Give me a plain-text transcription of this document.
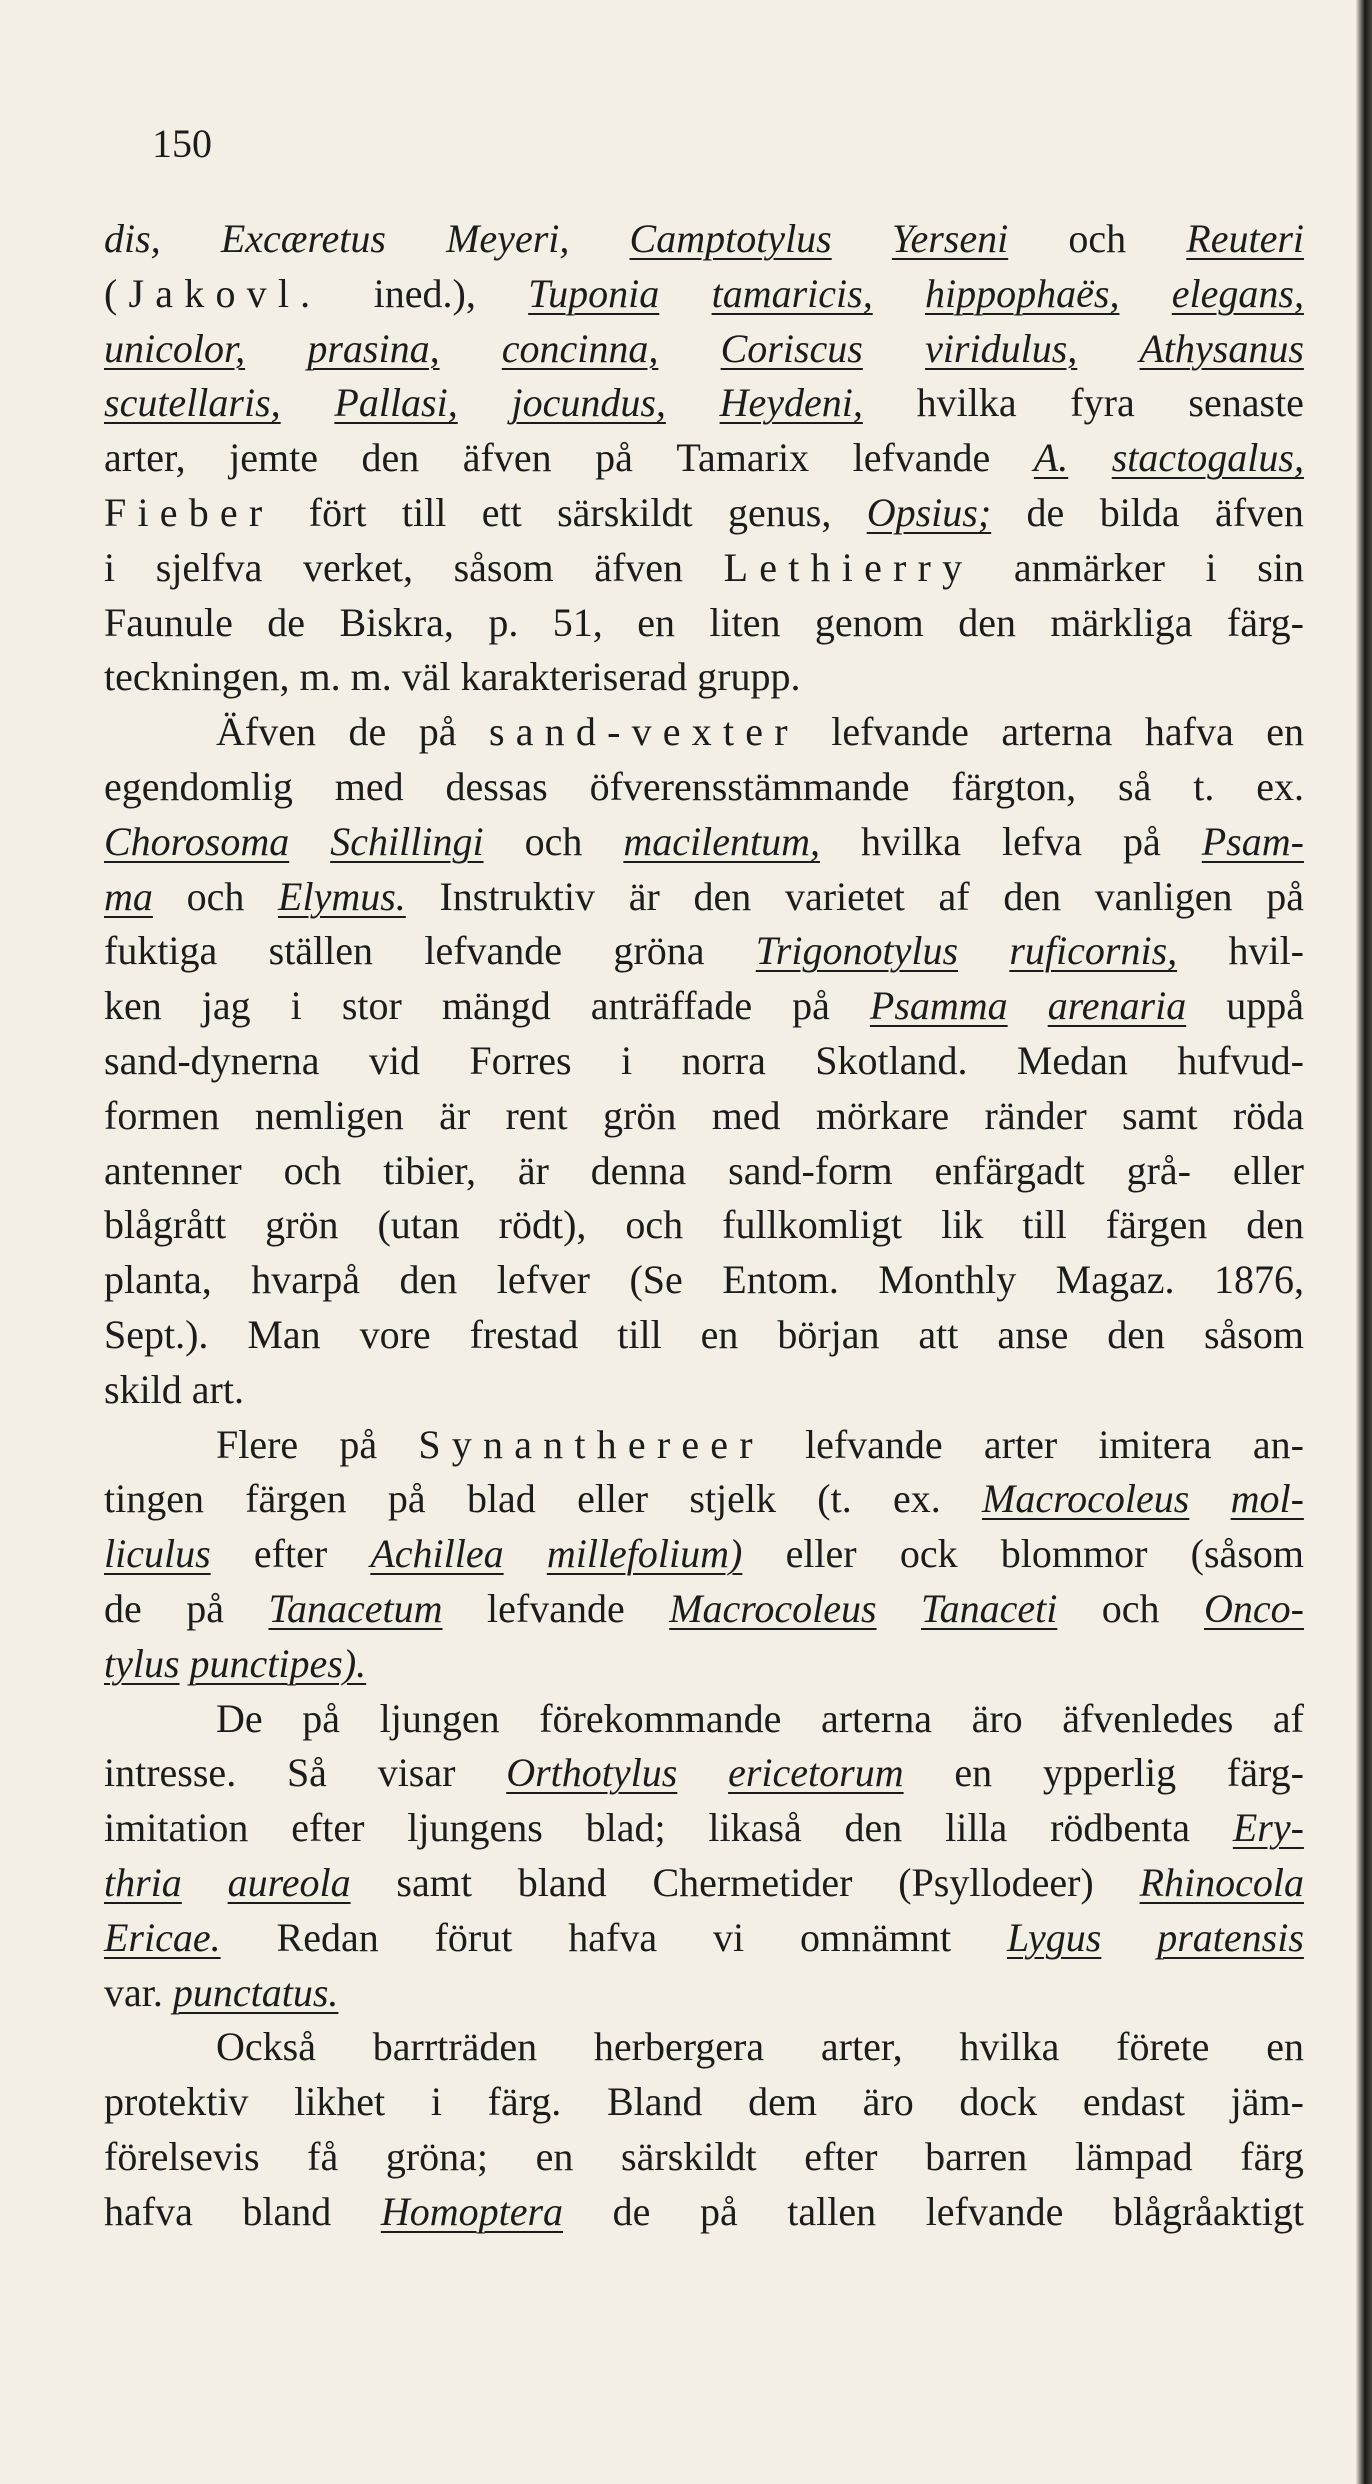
150
dis, Excæretus Meyeri, Camptotylus Yerseni och Reuteri
(Jakovl. ined.), Tuponia tamaricis, hippophaës, elegans,
unicolor, prasina, concinna, Coriscus viridulus, Athysanus
scutellaris, Pallasi, jocundus, Heydeni, hvilka fyra senaste
arter, jemte den äfven på Tamarix lefvande A. stactogalus,
Fieber fört till ett särskildt genus, Opsius; de bilda äfven
i sjelfva verket, såsom äfven Lethierry anmärker i sin
Faunule de Biskra, p. 51, en liten genom den märkliga färg-
teckningen,
m.
m.
väl
karakteriserad
grupp.
Äfven de på sand-vexter lefvande arterna hafva en
egendomlig med dessas öfverensstämmande färgton, så t. ex.
Chorosoma Schillingi och macilentum, hvilka lefva på Psam-
ma och Elymus. Instruktiv är den varietet af den vanligen på
fuktiga ställen lefvande gröna Trigonotylus ruficornis, hvil-
ken jag i stor mängd anträffade på Psamma arenaria uppå
sand-dynerna vid Forres i norra Skotland. Medan hufvud-
formen nemligen är rent grön med mörkare ränder samt röda
antenner och tibier, är denna sand-form enfärgadt grå- eller
blågrått grön (utan rödt), och fullkomligt lik till färgen den
planta, hvarpå den lefver (Se Entom. Monthly Magaz. 1876,
Sept.). Man vore frestad till en början att anse den såsom
skild
art.
Flere på Synanthereer lefvande arter imitera an-
tingen färgen på blad eller stjelk (t. ex. Macrocoleus mol-
liculus efter Achillea millefolium) eller ock blommor (såsom
de på Tanacetum lefvande Macrocoleus Tanaceti och Onco-
tylus
punctipes).
De på ljungen förekommande arterna äro äfvenledes af
intresse. Så visar Orthotylus ericetorum en ypperlig färg-
imitation efter ljungens blad; likaså den lilla rödbenta Ery-
thria aureola samt bland Chermetider (Psyllodeer) Rhinocola
Ericae. Redan förut hafva vi omnämnt Lygus pratensis
var.
punctatus.
Också barrträden herbergera arter, hvilka förete en
protektiv likhet i färg. Bland dem äro dock endast jäm-
förelsevis få gröna; en särskildt efter barren lämpad färg
hafva bland Homoptera de på tallen lefvande blågråaktigt
